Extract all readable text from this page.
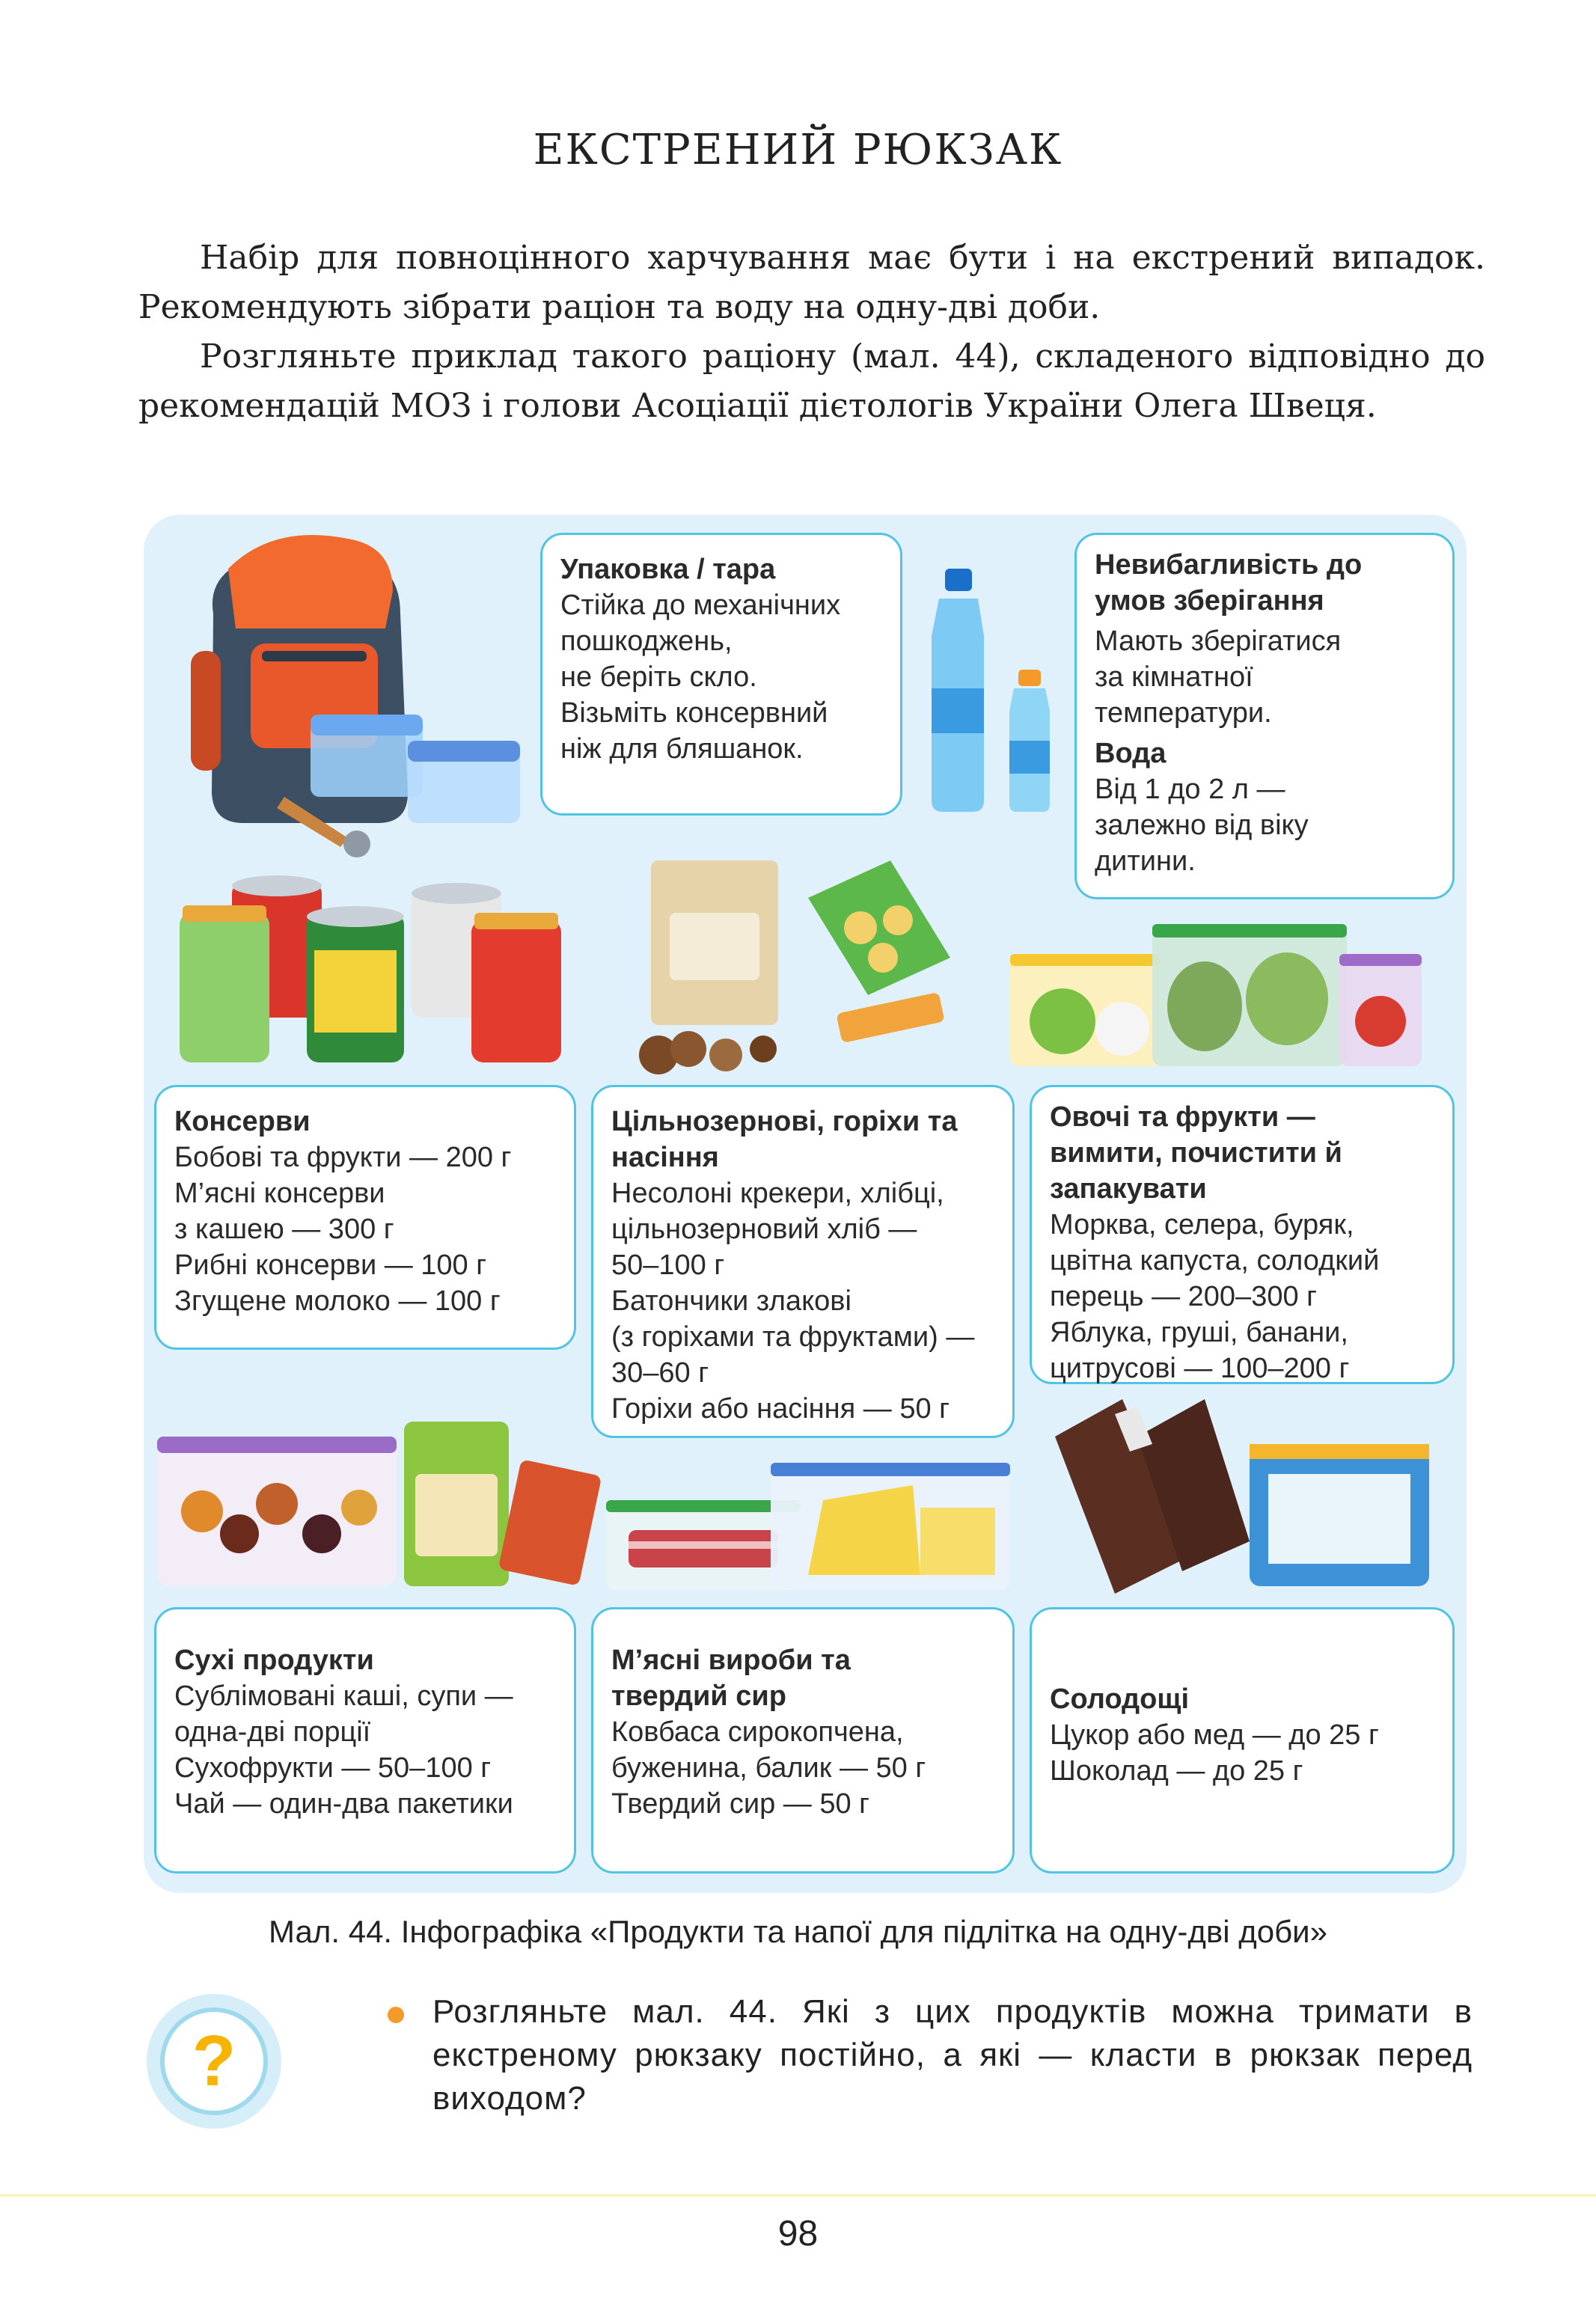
ЕКСТРЕНИЙ РЮКЗАК

Набір для повноцінного харчування має бути і на екстрений випадок. Рекомендують зібрати раціон та воду на одну-дві доби.

Розгляньте приклад такого раціону (мал. 44), складеного відповідно до рекомендацій МОЗ і голови Асоціації дієтологів України Олега Швеця.

Упаковка / тара
Стійка до механічних
пошкоджень,
не беріть скло.
Візьміть консервний
ніж для бляшанок.
Невибагливість до
умов зберігання
Мають зберігатися
за кімнатної
температури.
Вода
Від 1 до 2 л —
залежно від віку
дитини.
Консерви
Бобові та фрукти — 200 г
М’ясні консерви
з кашею — 300 г
Рибні консерви — 100 г
Згущене молоко — 100 г
Цільнозернові, горіхи та
насіння
Несолоні крекери, хлібці,
цільнозерновий хліб —
50–100 г
Батончики злакові
(з горіхами та фруктами) —
30–60 г
Горіхи або насіння — 50 г
Овочі та фрукти —
вимити, почистити й
запакувати
Морква, селера, буряк,
цвітна капуста, солодкий
перець — 200–300 г
Яблука, груші, банани,
цитрусові — 100–200 г
Сухі продукти
Сублімовані каші, супи —
одна-дві порції
Сухофрукти — 50–100 г
Чай — один-два пакетики
М’ясні вироби та
твердий сир
Ковбаса сирокопчена,
буженина, балик — 50 г
Твердий сир — 50 г
Солодощі
Цукор або мед — до 25 г
Шоколад — до 25 г
Мал. 44. Інфографіка «Продукти та напої для підлітка на одну-дві доби»
?
Розгляньте мал. 44. Які з цих продуктів можна тримати в екстреному рюкзаку постійно, а які — класти в рюкзак перед виходом?
98
